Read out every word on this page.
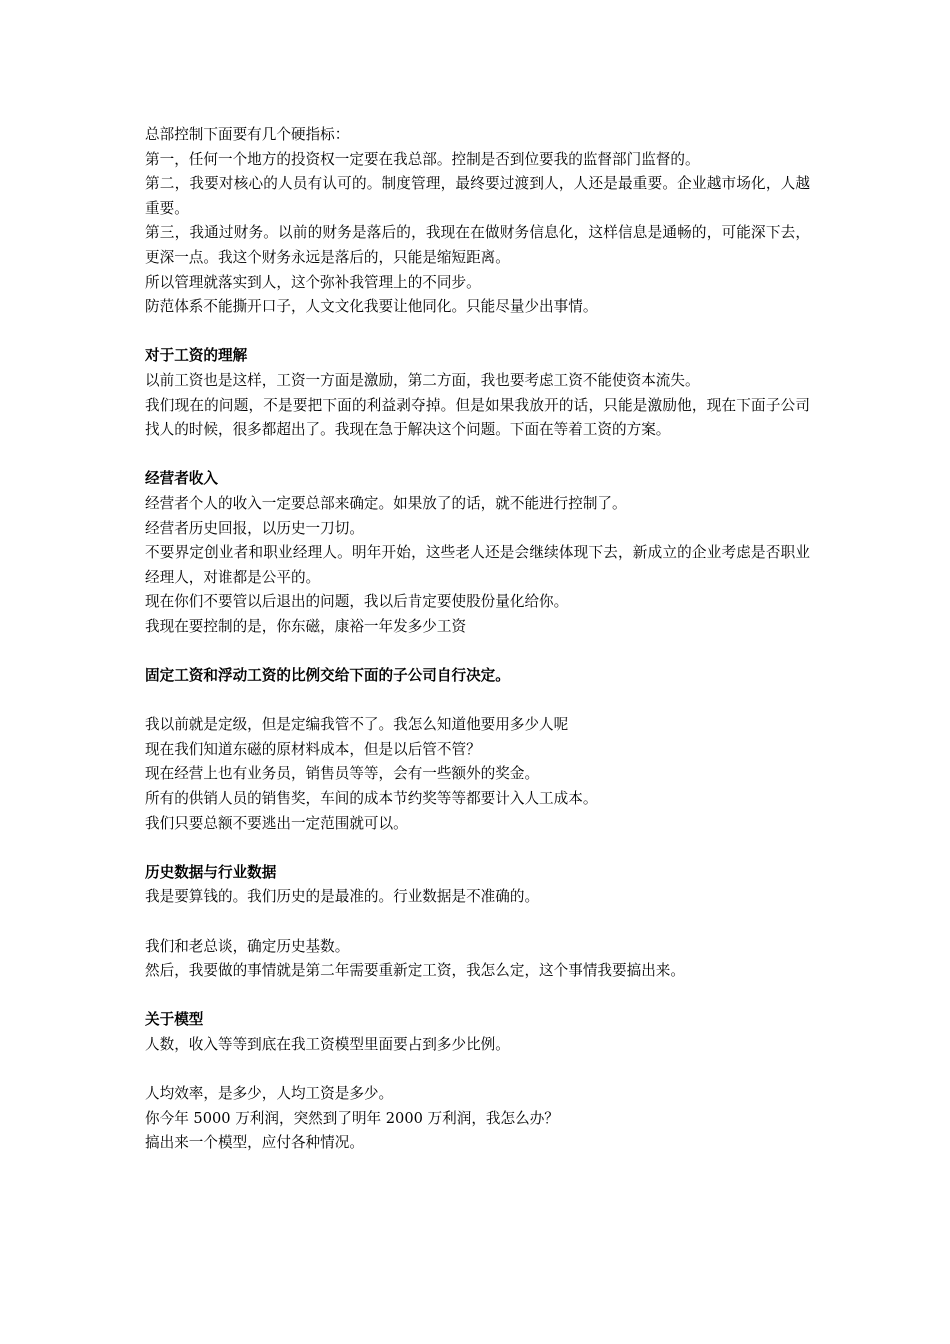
总部控制下面要有几个硬指标：
第一，任何一个地方的投资权一定要在我总部。控制是否到位要我的监督部门监督的。
第二，我要对核心的人员有认可的。制度管理，最终要过渡到人，人还是最重要。企业越市场化，人越重要。
第三，我通过财务。以前的财务是落后的，我现在在做财务信息化，这样信息是通畅的，可能深下去，更深一点。我这个财务永远是落后的，只能是缩短距离。
所以管理就落实到人，这个弥补我管理上的不同步。
防范体系不能撕开口子，人文文化我要让他同化。只能尽量少出事情。
对于工资的理解
以前工资也是这样，工资一方面是激励，第二方面，我也要考虑工资不能使资本流失。
我们现在的问题，不是要把下面的利益剥夺掉。但是如果我放开的话，只能是激励他，现在下面子公司找人的时候，很多都超出了。我现在急于解决这个问题。下面在等着工资的方案。
经营者收入
经营者个人的收入一定要总部来确定。如果放了的话，就不能进行控制了。
经营者历史回报，以历史一刀切。
不要界定创业者和职业经理人。明年开始，这些老人还是会继续体现下去，新成立的企业考虑是否职业经理人，对谁都是公平的。
现在你们不要管以后退出的问题，我以后肯定要使股份量化给你。
我现在要控制的是，你东磁，康裕一年发多少工资
固定工资和浮动工资的比例交给下面的子公司自行决定。
我以前就是定级，但是定编我管不了。我怎么知道他要用多少人呢
现在我们知道东磁的原材料成本，但是以后管不管？
现在经营上也有业务员，销售员等等，会有一些额外的奖金。
所有的供销人员的销售奖，车间的成本节约奖等等都要计入人工成本。
我们只要总额不要逃出一定范围就可以。
历史数据与行业数据
我是要算钱的。我们历史的是最准的。行业数据是不准确的。
我们和老总谈，确定历史基数。
然后，我要做的事情就是第二年需要重新定工资，我怎么定，这个事情我要搞出来。
关于模型
人数，收入等等到底在我工资模型里面要占到多少比例。
人均效率，是多少，人均工资是多少。
你今年 5000 万利润，突然到了明年 2000 万利润，我怎么办？
搞出来一个模型，应付各种情况。
